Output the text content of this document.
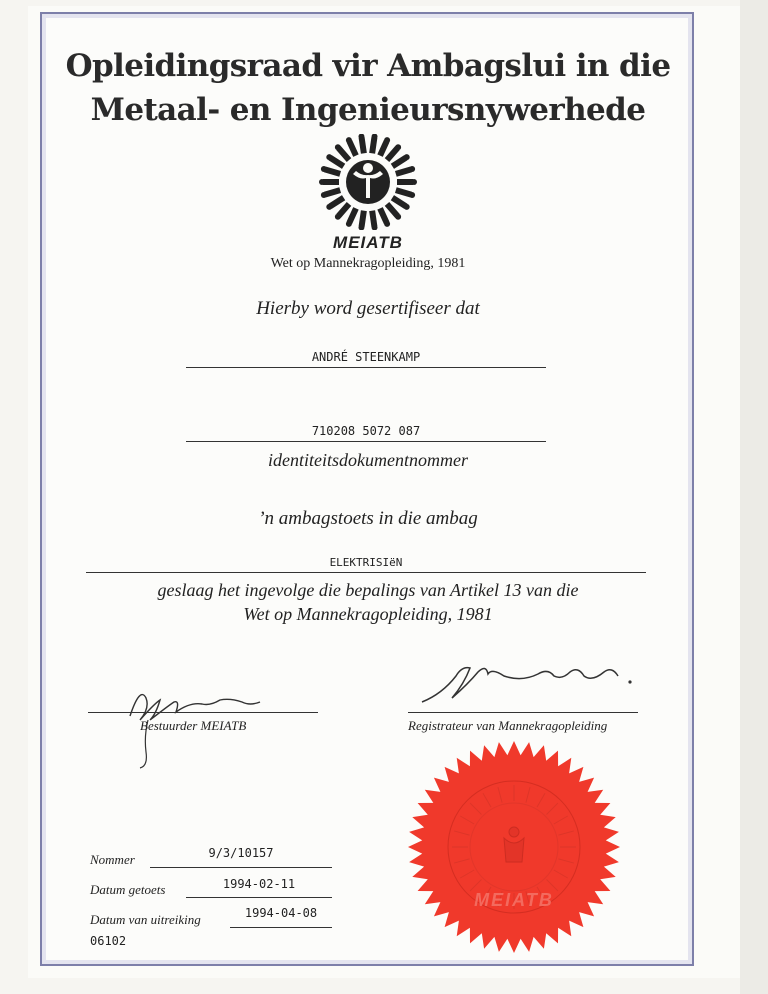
Opleidingsraad vir Ambagslui in die
Metaal- en Ingenieursnywerhede
MEIATB
Wet op Mannekragopleiding, 1981
Hierby word gesertifiseer dat
ANDRÉ STEENKAMP
710208 5072 087
identiteitsdokumentnommer
’n ambagstoets in die ambag
ELEKTRISIëN
geslaag het ingevolge die bepalings van Artikel 13 van die
Wet op Mannekragopleiding, 1981
Bestuurder MEIATB	Registrateur van Mannekragopleiding
Nommer	9/3/10157
Datum getoets	1994-02-11
Datum van uitreiking	1994-04-08
06102
MEIATB
